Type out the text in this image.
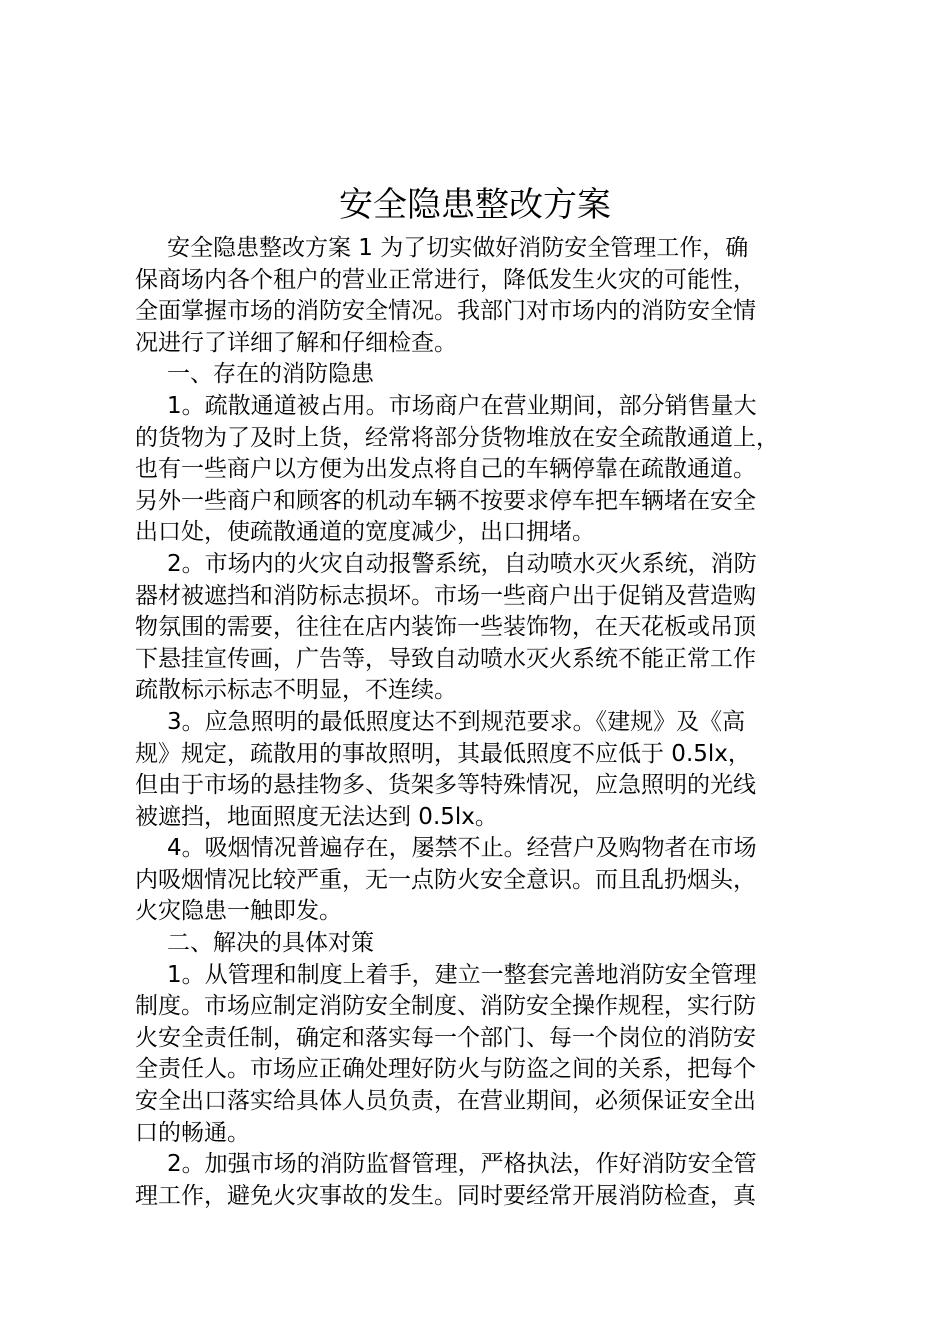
安全隐患整改方案
安全隐患整改方案 1 为了切实做好消防安全管理工作，确
保商场内各个租户的营业正常进行，降低发生火灾的可能性，
全面掌握市场的消防安全情况。我部门对市场内的消防安全情
况进行了详细了解和仔细检查。
一、存在的消防隐患
1。疏散通道被占用。市场商户在营业期间，部分销售量大
的货物为了及时上货，经常将部分货物堆放在安全疏散通道上，
也有一些商户以方便为出发点将自己的车辆停靠在疏散通道。
另外一些商户和顾客的机动车辆不按要求停车把车辆堵在安全
出口处，使疏散通道的宽度减少，出口拥堵。
2。市场内的火灾自动报警系统，自动喷水灭火系统，消防
器材被遮挡和消防标志损坏。市场一些商户出于促销及营造购
物氛围的需要，往往在店内装饰一些装饰物，在天花板或吊顶
下悬挂宣传画，广告等，导致自动喷水灭火系统不能正常工作
疏散标示标志不明显，不连续。
3。应急照明的最低照度达不到规范要求。《建规》及《高
规》规定，疏散用的事故照明，其最低照度不应低于 0.5lx，
但由于市场的悬挂物多、货架多等特殊情况，应急照明的光线
被遮挡，地面照度无法达到 0.5lx。
4。吸烟情况普遍存在，屡禁不止。经营户及购物者在市场
内吸烟情况比较严重，无一点防火安全意识。而且乱扔烟头，
火灾隐患一触即发。
二、解决的具体对策
1。从管理和制度上着手，建立一整套完善地消防安全管理
制度。市场应制定消防安全制度、消防安全操作规程，实行防
火安全责任制，确定和落实每一个部门、每一个岗位的消防安
全责任人。市场应正确处理好防火与防盗之间的关系，把每个
安全出口落实给具体人员负责，在营业期间，必须保证安全出
口的畅通。
2。加强市场的消防监督管理，严格执法，作好消防安全管
理工作，避免火灾事故的发生。同时要经常开展消防检查，真
